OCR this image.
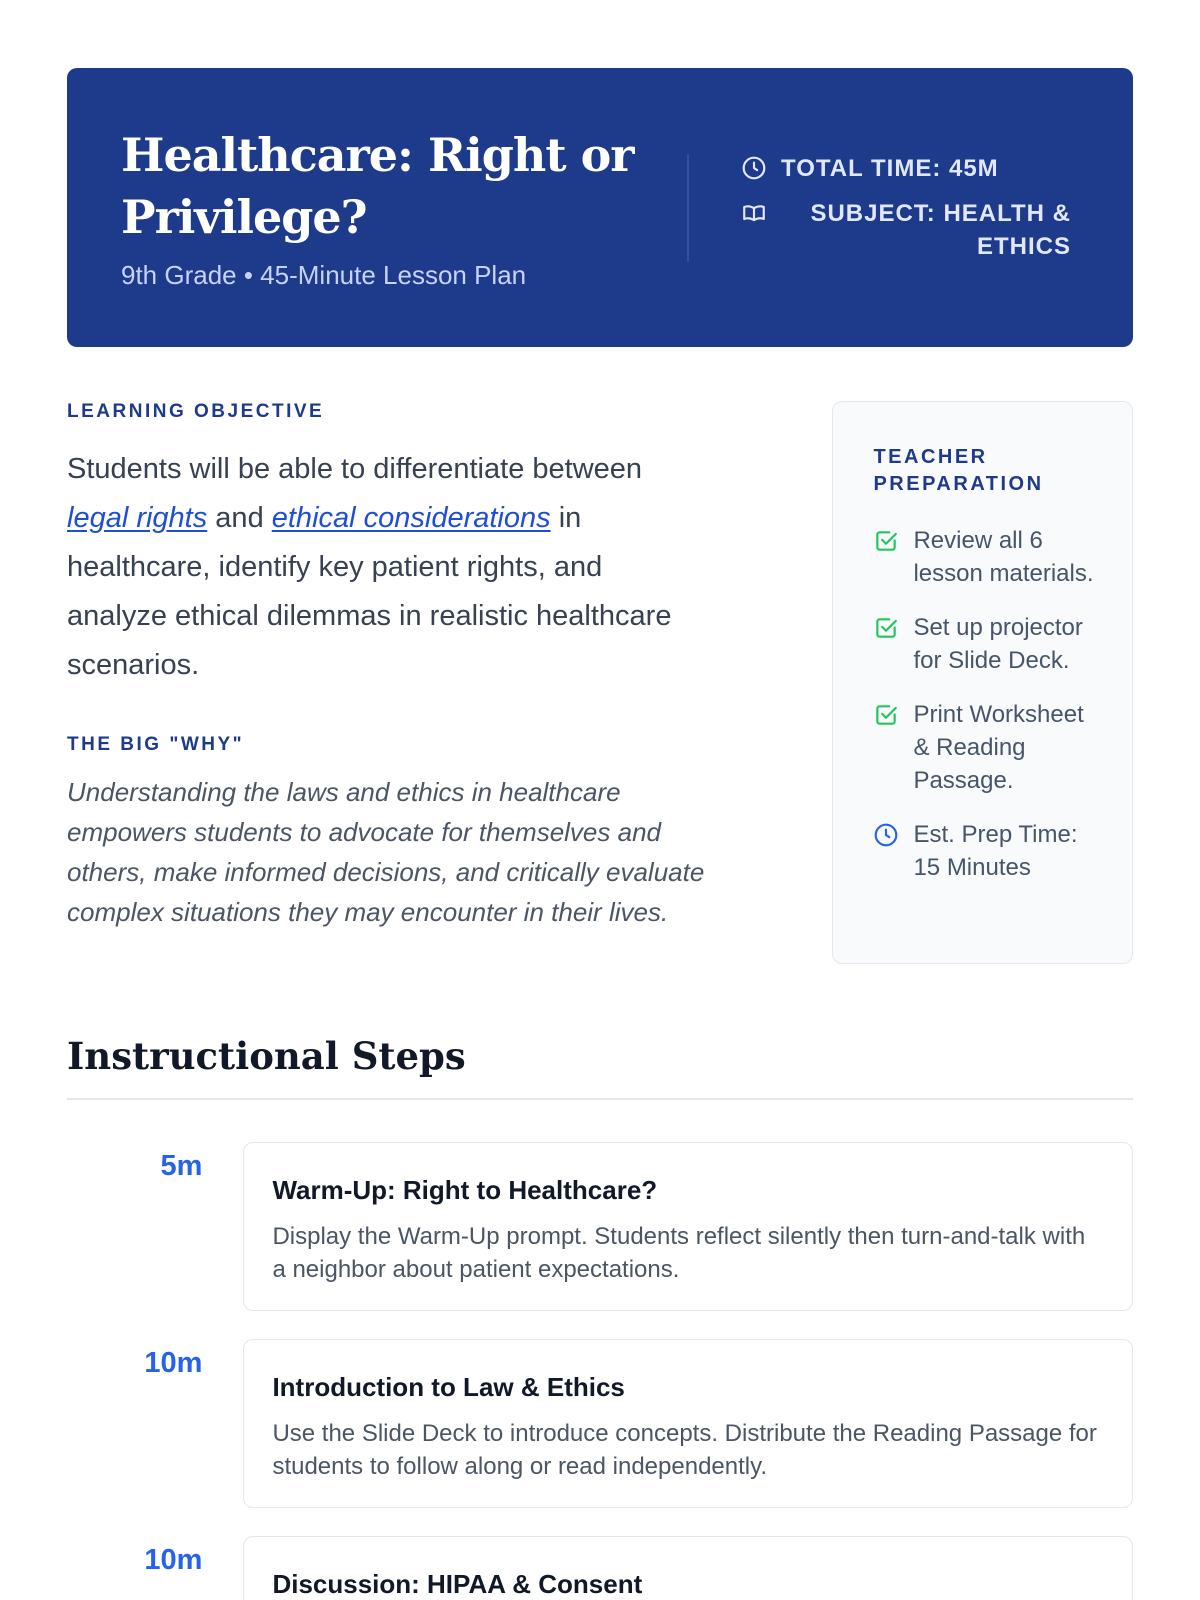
Healthcare: Right or
Privilege?
9th Grade • 45-Minute Lesson Plan
TOTAL TIME: 45M
SUBJECT: HEALTH &
ETHICS
LEARNING OBJECTIVE

Students will be able to differentiate between legal rights and ethical considerations in healthcare, identify key patient rights, and analyze ethical dilemmas in realistic healthcare scenarios.

THE BIG "WHY"

Understanding the laws and ethics in healthcare empowers students to advocate for themselves and others, make informed decisions, and critically evaluate complex situations they may encounter in their lives.

TEACHER
PREPARATION
Review all 6 lesson materials.
Set up projector for Slide Deck.
Print Worksheet & Reading Passage.
Est. Prep Time: 15 Minutes
Instructional Steps
5m
Warm-Up: Right to Healthcare?
Display the Warm-Up prompt. Students reflect silently then turn-and-talk with a neighbor about patient expectations.
10m
Introduction to Law & Ethics
Use the Slide Deck to introduce concepts. Distribute the Reading Passage for students to follow along or read independently.
10m
Discussion: HIPAA & Consent
